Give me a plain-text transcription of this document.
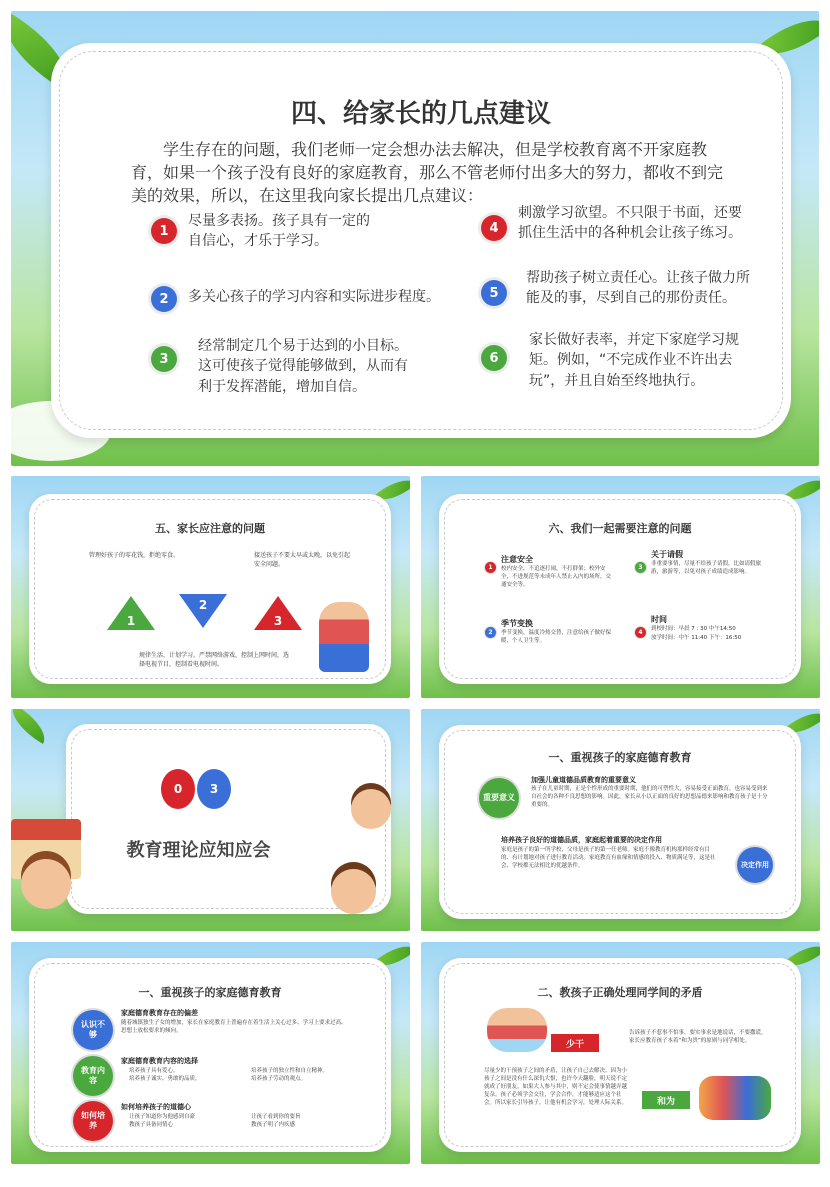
四、给家长的几点建议
学生存在的问题，我们老师一定会想办法去解决，但是学校教育离不开家庭教育，如果一个孩子没有良好的家庭教育，那么不管老师付出多大的努力，都收不到完美的效果，所以，在这里我向家长提出几点建议：
1
尽量多表扬。孩子具有一定的自信心，才乐于学习。
2	多关心孩子的学习内容和实际进步程度。
3
经常制定几个易于达到的小目标。这可使孩子觉得能够做到，从而有利于发挥潜能，增加自信。
4
刺激学习欲望。不只限于书面，还要抓住生活中的各种机会让孩子练习。
5
帮助孩子树立责任心。让孩子做力所能及的事，尽到自己的那份责任。
6
家长做好表率，并定下家庭学习规矩。例如，“不完成作业不许出去玩”，并且自始至终地执行。
五、家长应注意的问题
管理好孩子的零花钱，拒绝零食。	接送孩子不要太早或太晚，以免引起安全问题。
1
2
3
规律生活、计划学习。严禁网络游戏，控制上网时间，选择电视节目，控制看电视时间。
六、我们一起需要注意的问题
1
注意安全
校内安全，不追逐打闹，不打群架；校外安全，不进规范等未成年人禁止入内的场所，交通安全等。
2
季节变换
季节变换，温度冷热交替，注意给孩子做好保暖，个人卫生等。
3
关于请假
非重要事情，尽量不给孩子请假，比如请假旅游，旅游等，以免对孩子成绩造成影响。
4
时间
到校时间：早晨 7 : 30 中午14:50
放学时间：中午 11:40 下午：16:50
0	3
教育理论应知应会
一、重视孩子的家庭德育教育
重要意义
加强儿童道德品质教育的重要意义
孩子在儿童时期，正是个性形成的重要时期，他们的可塑性大，容易接受正面教育，也容易受到来自社会的各种不良思想的影响。因此，家长从小以正面的良好的思想品德来影响和教育孩子是十分重要的。
培养孩子良好的道德品质，家庭起着重要的决定作用
家庭是孩子的第一所学校，父母是孩子的第一任老师。家庭不像教育机构那样经常有目的、有计划地对孩子进行教育活动。家庭教育有血缘和情感的投入、物质满足等，这是社会、学校都无法相比的优越条件。	决定作用
一、重视孩子的家庭德育教育
认识不够
家庭德育教育存在的偏差
随着城镇独生子女的增加，家长在家庭教育上普遍存在着生活上关心过多、学习上要求过高、思想上放松要求的倾向。
教育内容
家庭德育教育内容的选择
培养孩子具有爱心。	培养孩子的独立性和自立精神。
培养孩子诚实、勇敢的品质。	培养孩子劳动的观点。
如何培养
如何培养孩子的道德心
让孩子知道你为他感到自豪	让孩子看到你的要旨
教孩子具备同情心	教孩子明了内疚感
二、教孩子正确处理同学间的矛盾
少干
告诉孩子不惹事不怕事，要实事求是地说话，不要撒谎。家长应教育孩子本着“和为贵”的原则与同学相处。
尽量少的干预孩子之间的矛盾，让孩子自己去解决。因为小孩子之间是没有什么深仇大恨，也许今天翻脸，明天说不定就成了好朋友。如果大人参与其中，则不定会使事情越弄越复杂。孩子必须学会交往，学会合作，才能够适应这个社会。所以家长引导孩子，让他有机会学习，处理人际关系。	和为
